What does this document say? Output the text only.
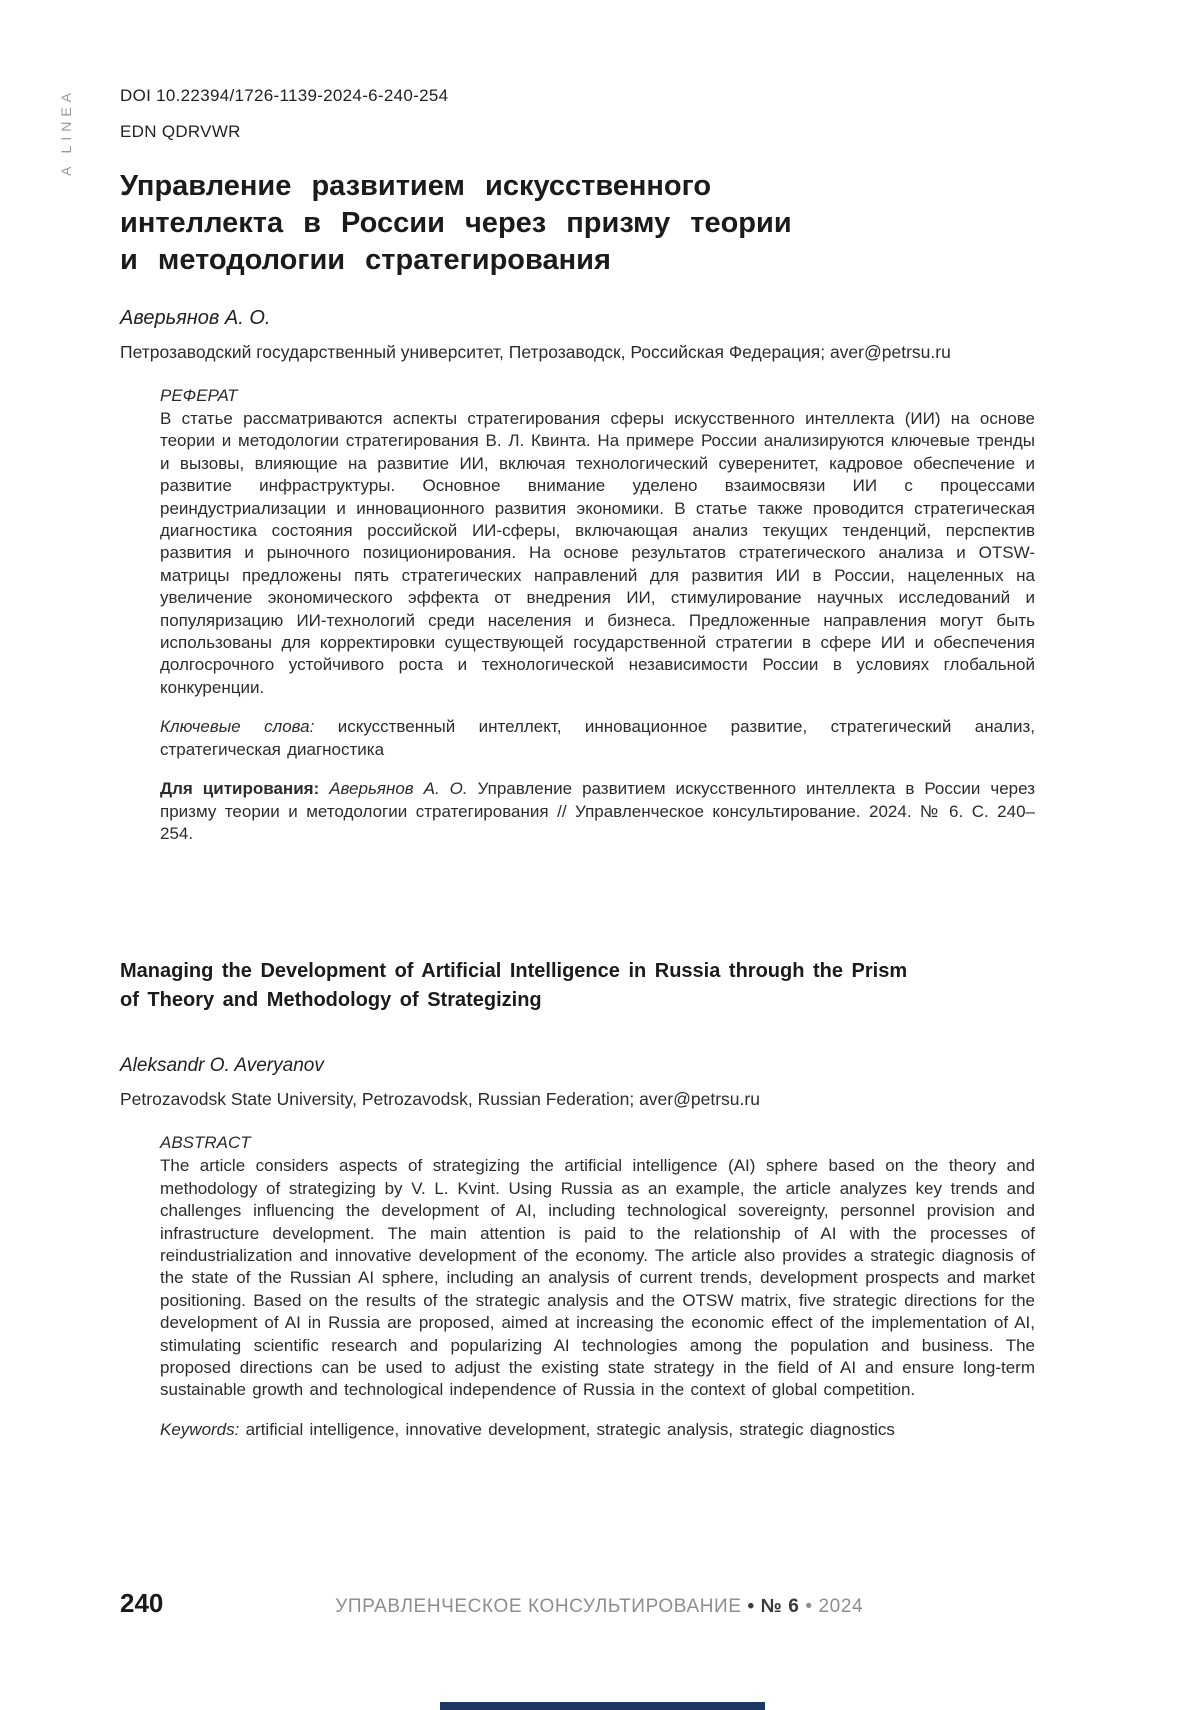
A LINEA	DOI 10.22394/1726-1139-2024-6-240-254
EDN QDRVWR
Управление развитием искусственного
интеллекта в России через призму теории
и методологии стратегирования
Аверьянов А. О.
Петрозаводский государственный университет, Петрозаводск, Российская Федерация; aver@petrsu.ru
РЕФЕРАТ
В статье рассматриваются аспекты стратегирования сферы искусственного интеллекта (ИИ) на основе теории и методологии стратегирования В. Л. Квинта. На примере России анализируются ключевые тренды и вызовы, влияющие на развитие ИИ, включая технологический суверенитет, кадровое обеспечение и развитие инфраструктуры. Основное внимание уделено взаимосвязи ИИ с процессами реиндустриализации и инновационного развития экономики. В статье также проводится стратегическая диагностика состояния российской ИИ-сферы, включающая анализ текущих тенденций, перспектив развития и рыночного позиционирования. На основе результатов стратегического анализа и OTSW-матрицы предложены пять стратегических направлений для развития ИИ в России, нацеленных на увеличение экономического эффекта от внедрения ИИ, стимулирование научных исследований и популяризацию ИИ-технологий среди населения и бизнеса. Предложенные направления могут быть использованы для корректировки существующей государственной стратегии в сфере ИИ и обеспечения долгосрочного устойчивого роста и технологической независимости России в условиях глобальной конкуренции.

Ключевые слова: искусственный интеллект, инновационное развитие, стратегический анализ, стратегическая диагностика

Для цитирования: Аверьянов А. О. Управление развитием искусственного интеллекта в России через призму теории и методологии стратегирования // Управленческое консультирование. 2024. № 6. С. 240–254.

Managing the Development of Artificial Intelligence in Russia through the Prism
of Theory and Methodology of Strategizing
Aleksandr O. Averyanov
Petrozavodsk State University, Petrozavodsk, Russian Federation; aver@petrsu.ru
ABSTRACT
The article considers aspects of strategizing the artificial intelligence (AI) sphere based on the theory and methodology of strategizing by V. L. Kvint. Using Russia as an example, the article analyzes key trends and challenges influencing the development of AI, including technological sovereignty, personnel provision and infrastructure development. The main attention is paid to the relationship of AI with the processes of reindustrialization and innovative development of the economy. The article also provides a strategic diagnosis of the state of the Russian AI sphere, including an analysis of current trends, development prospects and market positioning. Based on the results of the strategic analysis and the OTSW matrix, five strategic directions for the development of AI in Russia are proposed, aimed at increasing the economic effect of the implementation of AI, stimulating scientific research and popularizing AI technologies among the population and business. The proposed directions can be used to adjust the existing state strategy in the field of AI and ensure long-term sustainable growth and technological independence of Russia in the context of global competition.

Keywords: artificial intelligence, innovative development, strategic analysis, strategic diagnostics

240	УПРАВЛЕНЧЕСКОЕ КОНСУЛЬТИРОВАНИЕ • № 6 • 2024
